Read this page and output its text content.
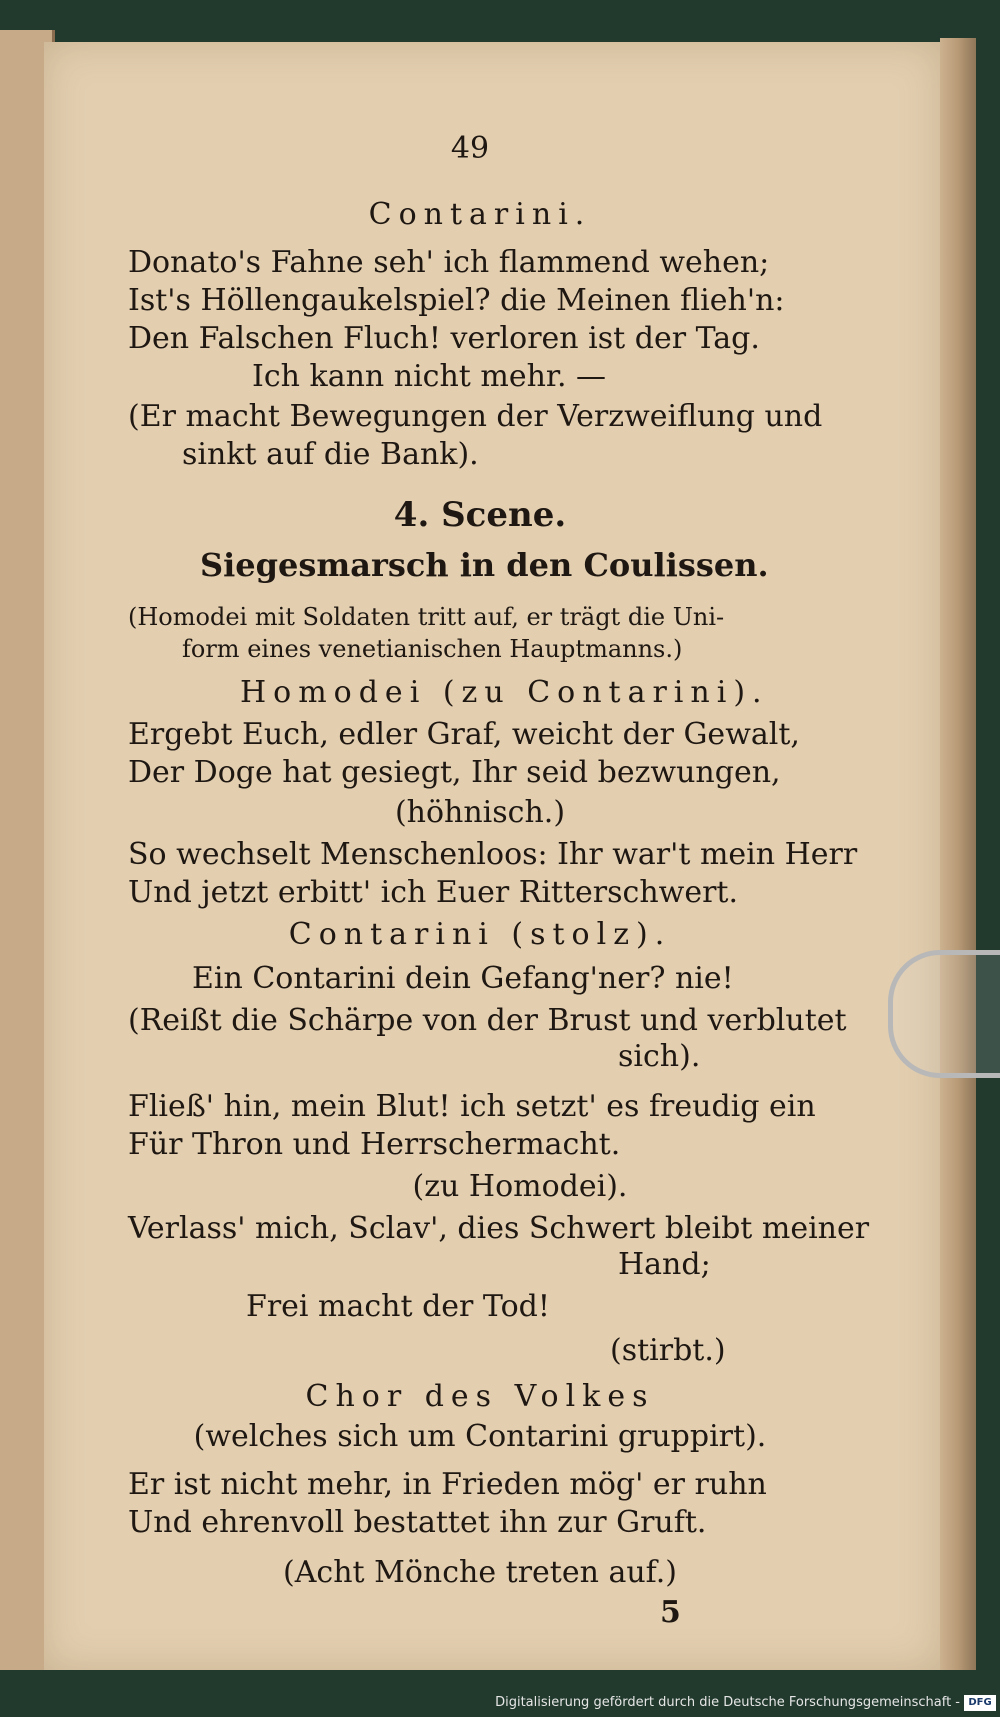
49
Contarini.
Donato's Fahne seh' ich flammend wehen;
Ist's Höllengaukelspiel? die Meinen flieh'n:
Den Falschen Fluch! verloren ist der Tag.
Ich kann nicht mehr. —
(Er macht Bewegungen der Verzweiflung und
sinkt auf die Bank).
4. Scene.
Siegesmarsch in den Coulissen.
(Homodei mit Soldaten tritt auf, er trägt die Uni-
form eines venetianischen Hauptmanns.)
Homodei (zu Contarini).
Ergebt Euch, edler Graf, weicht der Gewalt,
Der Doge hat gesiegt, Ihr seid bezwungen,
(höhnisch.)
So wechselt Menschenloos: Ihr war't mein Herr
Und jetzt erbitt' ich Euer Ritterschwert.
Contarini (stolz).
Ein Contarini dein Gefang'ner? nie!
(Reißt die Schärpe von der Brust und verblutet
sich).
Fließ' hin, mein Blut! ich setzt' es freudig ein
Für Thron und Herrschermacht.
(zu Homodei).
Verlass' mich, Sclav', dies Schwert bleibt meiner
Hand;
Frei macht der Tod!
(stirbt.)
Chor des Volkes
(welches sich um Contarini gruppirt).
Er ist nicht mehr, in Frieden mög' er ruhn
Und ehrenvoll bestattet ihn zur Gruft.
(Acht Mönche treten auf.)
5
Digitalisierung gefördert durch die Deutsche Forschungsgemeinschaft - DFG
